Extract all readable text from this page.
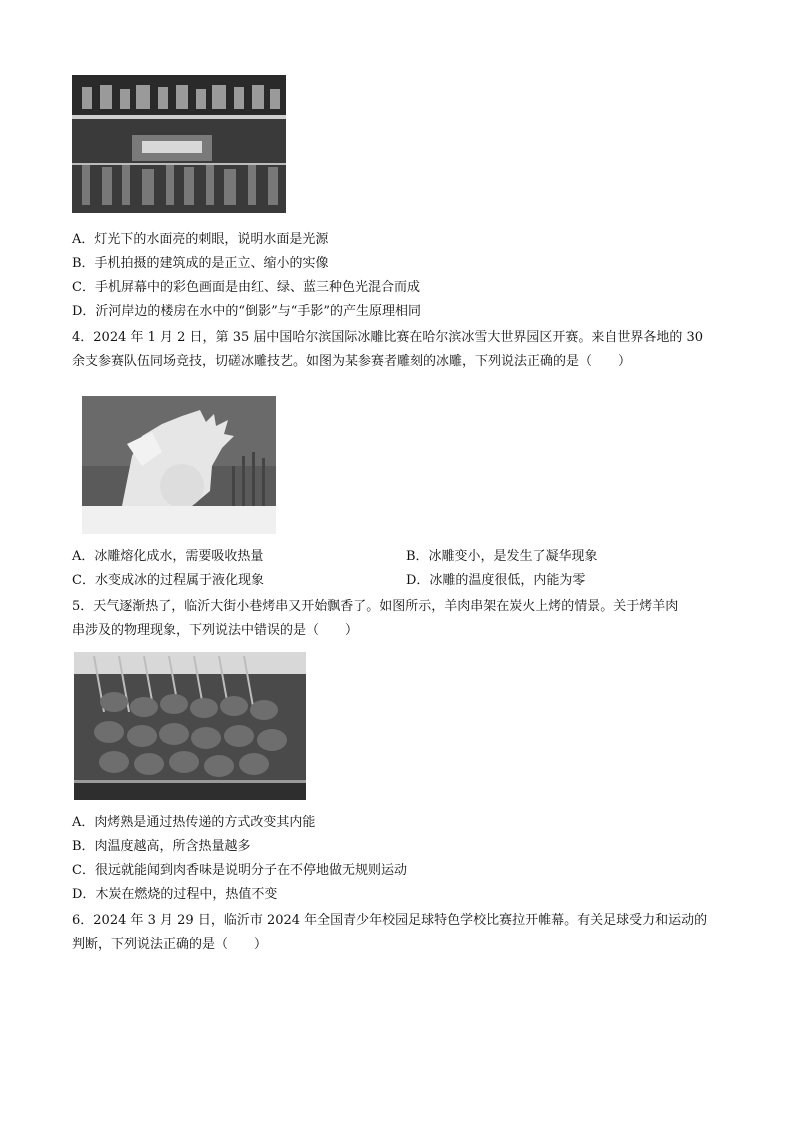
A．灯光下的水面亮的刺眼，说明水面是光源
B．手机拍摄的建筑成的是正立、缩小的实像
C．手机屏幕中的彩色画面是由红、绿、蓝三种色光混合而成
D．沂河岸边的楼房在水中的“倒影”与“手影”的产生原理相同
4．2024 年 1 月 2 日，第 35 届中国哈尔滨国际冰雕比赛在哈尔滨冰雪大世界园区开赛。来自世界各地的 30
余支参赛队伍同场竞技，切磋冰雕技艺。如图为某参赛者雕刻的冰雕，下列说法正确的是（　　）
A．冰雕熔化成水，需要吸收热量	B．冰雕变小，是发生了凝华现象
C．水变成冰的过程属于液化现象	D．冰雕的温度很低，内能为零
5．天气逐渐热了，临沂大街小巷烤串又开始飘香了。如图所示，羊肉串架在炭火上烤的情景。关于烤羊肉
串涉及的物理现象，下列说法中错误的是（　　）
A．肉烤熟是通过热传递的方式改变其内能
B．肉温度越高，所含热量越多
C．很远就能闻到肉香味是说明分子在不停地做无规则运动
D．木炭在燃烧的过程中，热值不变
6．2024 年 3 月 29 日，临沂市 2024 年全国青少年校园足球特色学校比赛拉开帷幕。有关足球受力和运动的
判断，下列说法正确的是（　　）
